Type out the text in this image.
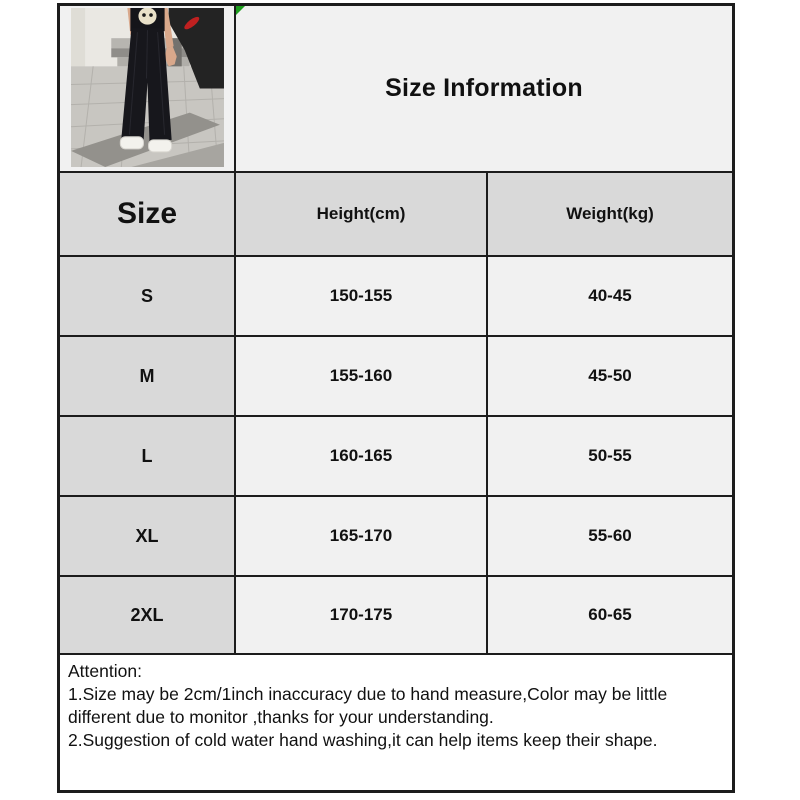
Size Information
Size	Height(cm)	Weight(kg)
S	150-155	40-45
M	155-160	45-50
L	160-165	50-55
XL	165-170	55-60
2XL	170-175	60-65

Attention:

1.Size may be 2cm/1inch inaccuracy due to hand measure,Color may be little different due to monitor ,thanks for your understanding.

2.Suggestion of cold water hand washing,it can help items keep their shape.
